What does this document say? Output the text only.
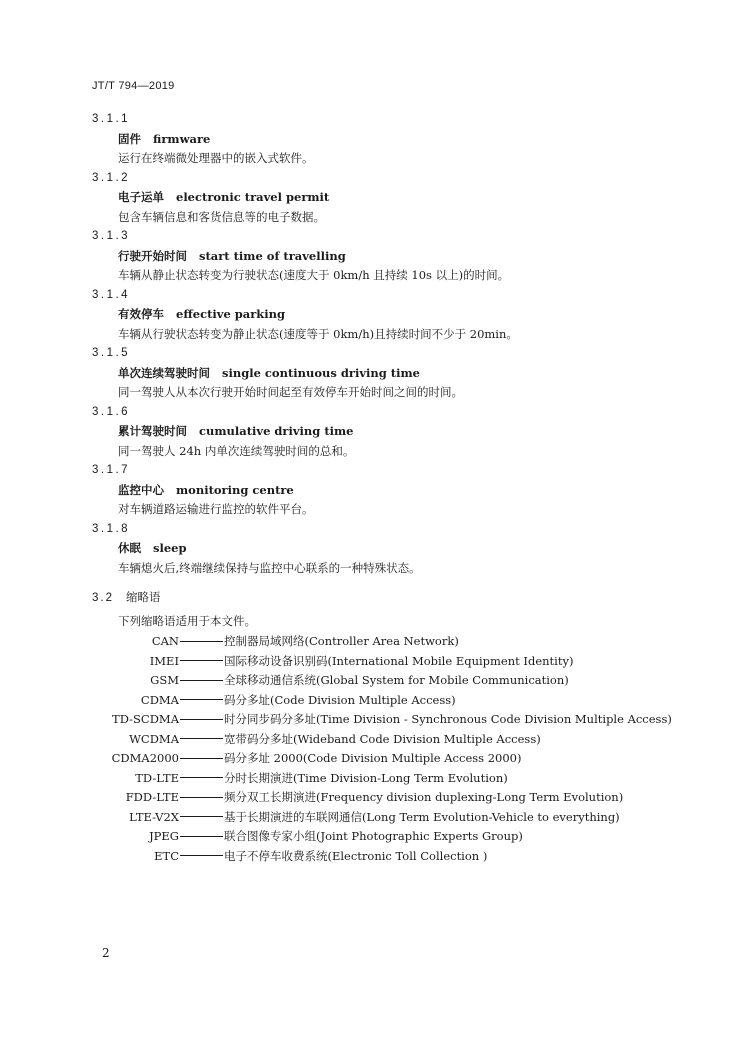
JT/T 794—2019
3.1.1
固件 firmware
运行在终端微处理器中的嵌入式软件。
3.1.2
电子运单 electronic travel permit
包含车辆信息和客货信息等的电子数据。
3.1.3
行驶开始时间 start time of travelling
车辆从静止状态转变为行驶状态(速度大于 0km/h 且持续 10s 以上)的时间。
3.1.4
有效停车 effective parking
车辆从行驶状态转变为静止状态(速度等于 0km/h)且持续时间不少于 20min。
3.1.5
单次连续驾驶时间 single continuous driving time
同一驾驶人从本次行驶开始时间起至有效停车开始时间之间的时间。
3.1.6
累计驾驶时间 cumulative driving time
同一驾驶人 24h 内单次连续驾驶时间的总和。
3.1.7
监控中心 monitoring centre
对车辆道路运输进行监控的软件平台。
3.1.8
休眠 sleep
车辆熄火后,终端继续保持与监控中心联系的一种特殊状态。
3.2 缩略语
下列缩略语适用于本文件。
CAN	控制器局域网络(Controller Area Network)
IMEI	国际移动设备识别码(International Mobile Equipment Identity)
GSM	全球移动通信系统(Global System for Mobile Communication)
CDMA	码分多址(Code Division Multiple Access)
TD-SCDMA	时分同步码分多址(Time Division - Synchronous Code Division Multiple Access)
WCDMA	宽带码分多址(Wideband Code Division Multiple Access)
CDMA2000	码分多址 2000(Code Division Multiple Access 2000)
TD-LTE	分时长期演进(Time Division-Long Term Evolution)
FDD-LTE	频分双工长期演进(Frequency division duplexing-Long Term Evolution)
LTE-V2X	基于长期演进的车联网通信(Long Term Evolution-Vehicle to everything)
JPEG	联合图像专家小组(Joint Photographic Experts Group)
ETC	电子不停车收费系统(Electronic Toll Collection )
2
